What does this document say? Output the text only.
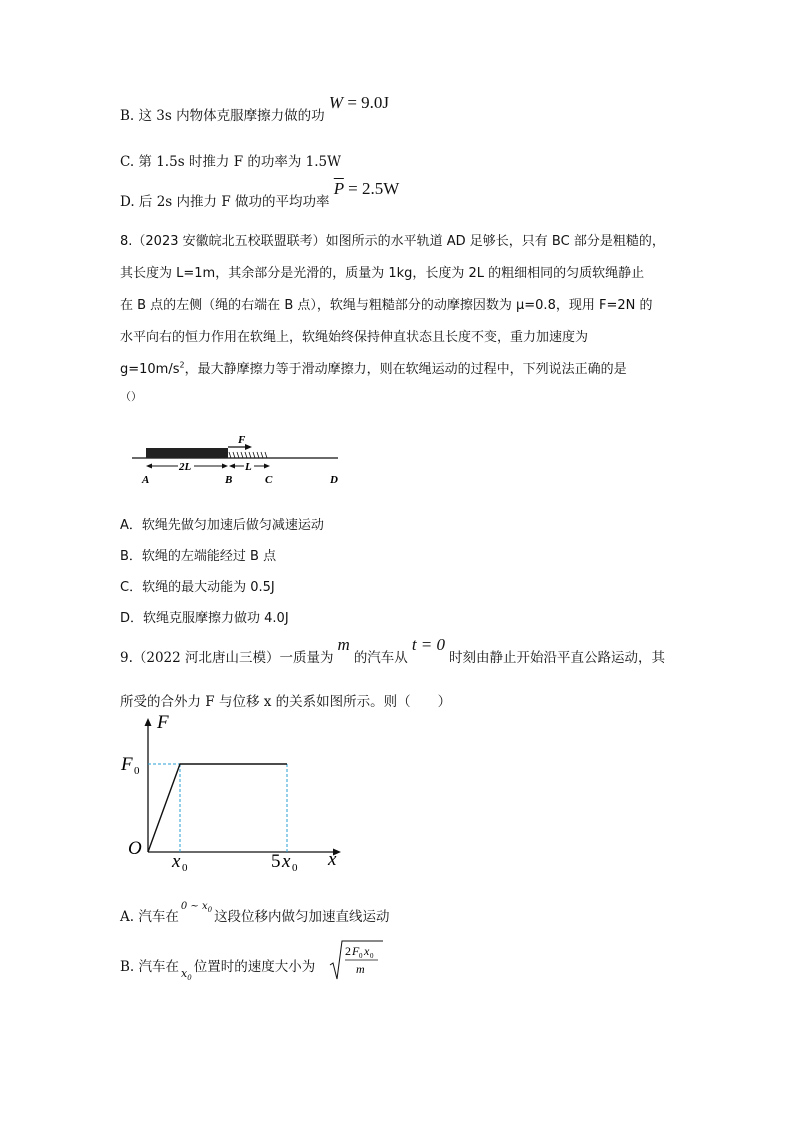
B. 这 3s 内物体克服摩擦力做的功 W = 9.0J
C. 第 1.5s 时推力 F 的功率为 1.5W
D. 后 2s 内推力 F 做功的平均功率 $\overline{P} = 2.5W$
8.（2023 安徽皖北五校联盟联考）如图所示的水平轨道 AD 足够长，只有 BC 部分是粗糙的，
其长度为 L=1m，其余部分是光滑的，质量为 1kg，长度为 2L 的粗细相同的匀质软绳静止
在 B 点的左侧（绳的右端在 B 点），软绳与粗糙部分的动摩擦因数为 μ=0.8，现用 F=2N 的
水平向右的恒力作用在软绳上，软绳始终保持伸直状态且长度不变，重力加速度为
$g=10m/s^2$，最大静摩擦力等于滑动摩擦力，则在软绳运动的过程中，下列说法正确的是
（）
F
2L	L
A	B	C	D
A．软绳先做匀加速后做匀减速运动
B．软绳的左端能经过 B 点
C．软绳的最大动能为 0.5J
D．软绳克服摩擦力做功 4.0J
9.（2022 河北唐山三模）一质量为m的汽车从t = 0时刻由静止开始沿平直公路运动，其
所受的合外力 F 与位移 x 的关系如图所示。则（　　）
F
x
O
F 0
x 0	5 x 0
A. 汽车在$^{0 \sim x_0}$ 这段位移内做匀加速直线运动
B. 汽车在 $_{x_0}$位置时的速度大小为
2 F 0 x 0
m
